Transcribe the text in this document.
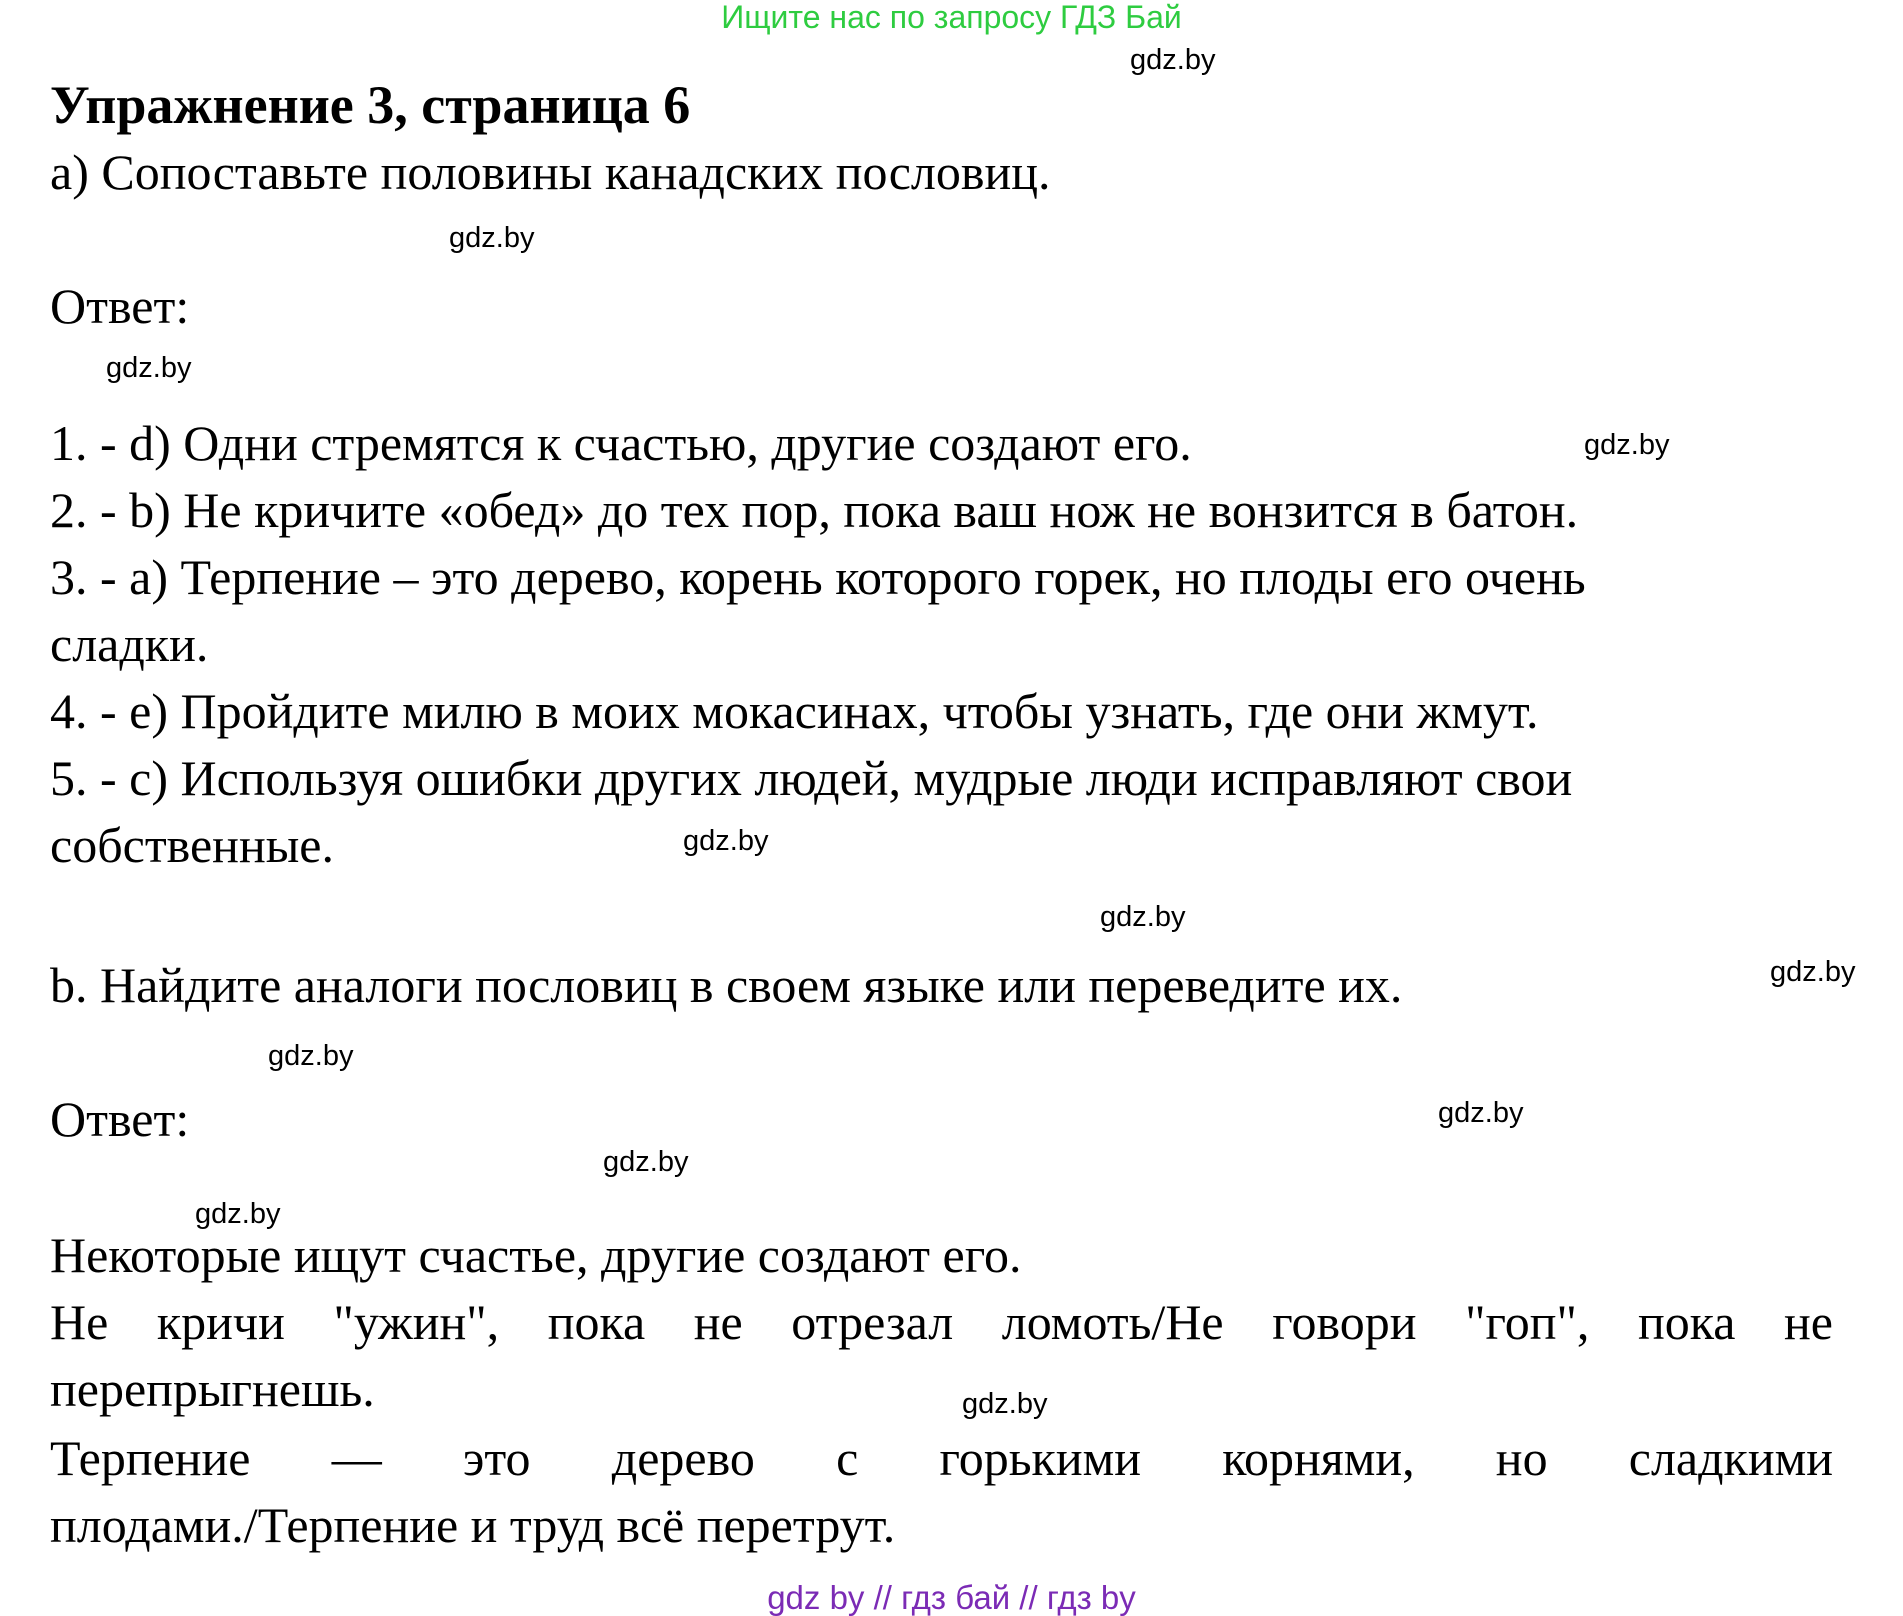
Ищите нас по запросу ГДЗ Бай
gdz.by
gdz.by
gdz.by
gdz.by
gdz.by
gdz.by
gdz.by
gdz.by
gdz.by
gdz.by
gdz.by
gdz.by
Упражнение 3, страница 6
a) Сопоставьте половины канадских пословиц.
Ответ:
1. - d) Одни стремятся к счастью, другие создают его.
2. - b) Не кричите «обед» до тех пор, пока ваш нож не вонзится в батон.
3. - a) Терпение – это дерево, корень которого горек, но плоды его очень
сладки.
4. - e) Пройдите милю в моих мокасинах, чтобы узнать, где они жмут.
5. - c) Используя ошибки других людей, мудрые люди исправляют свои
собственные.
b. Найдите аналоги пословиц в своем языке или переведите их.
Ответ:
Некоторые ищут счастье, другие создают его.
Не кричи "ужин", пока не отрезал ломоть/Не говори "гоп", пока не
перепрыгнешь.
Терпение — это дерево с горькими корнями, но сладкими
плодами./Терпение и труд всё перетрут.
gdz by // гдз бай // гдз by
